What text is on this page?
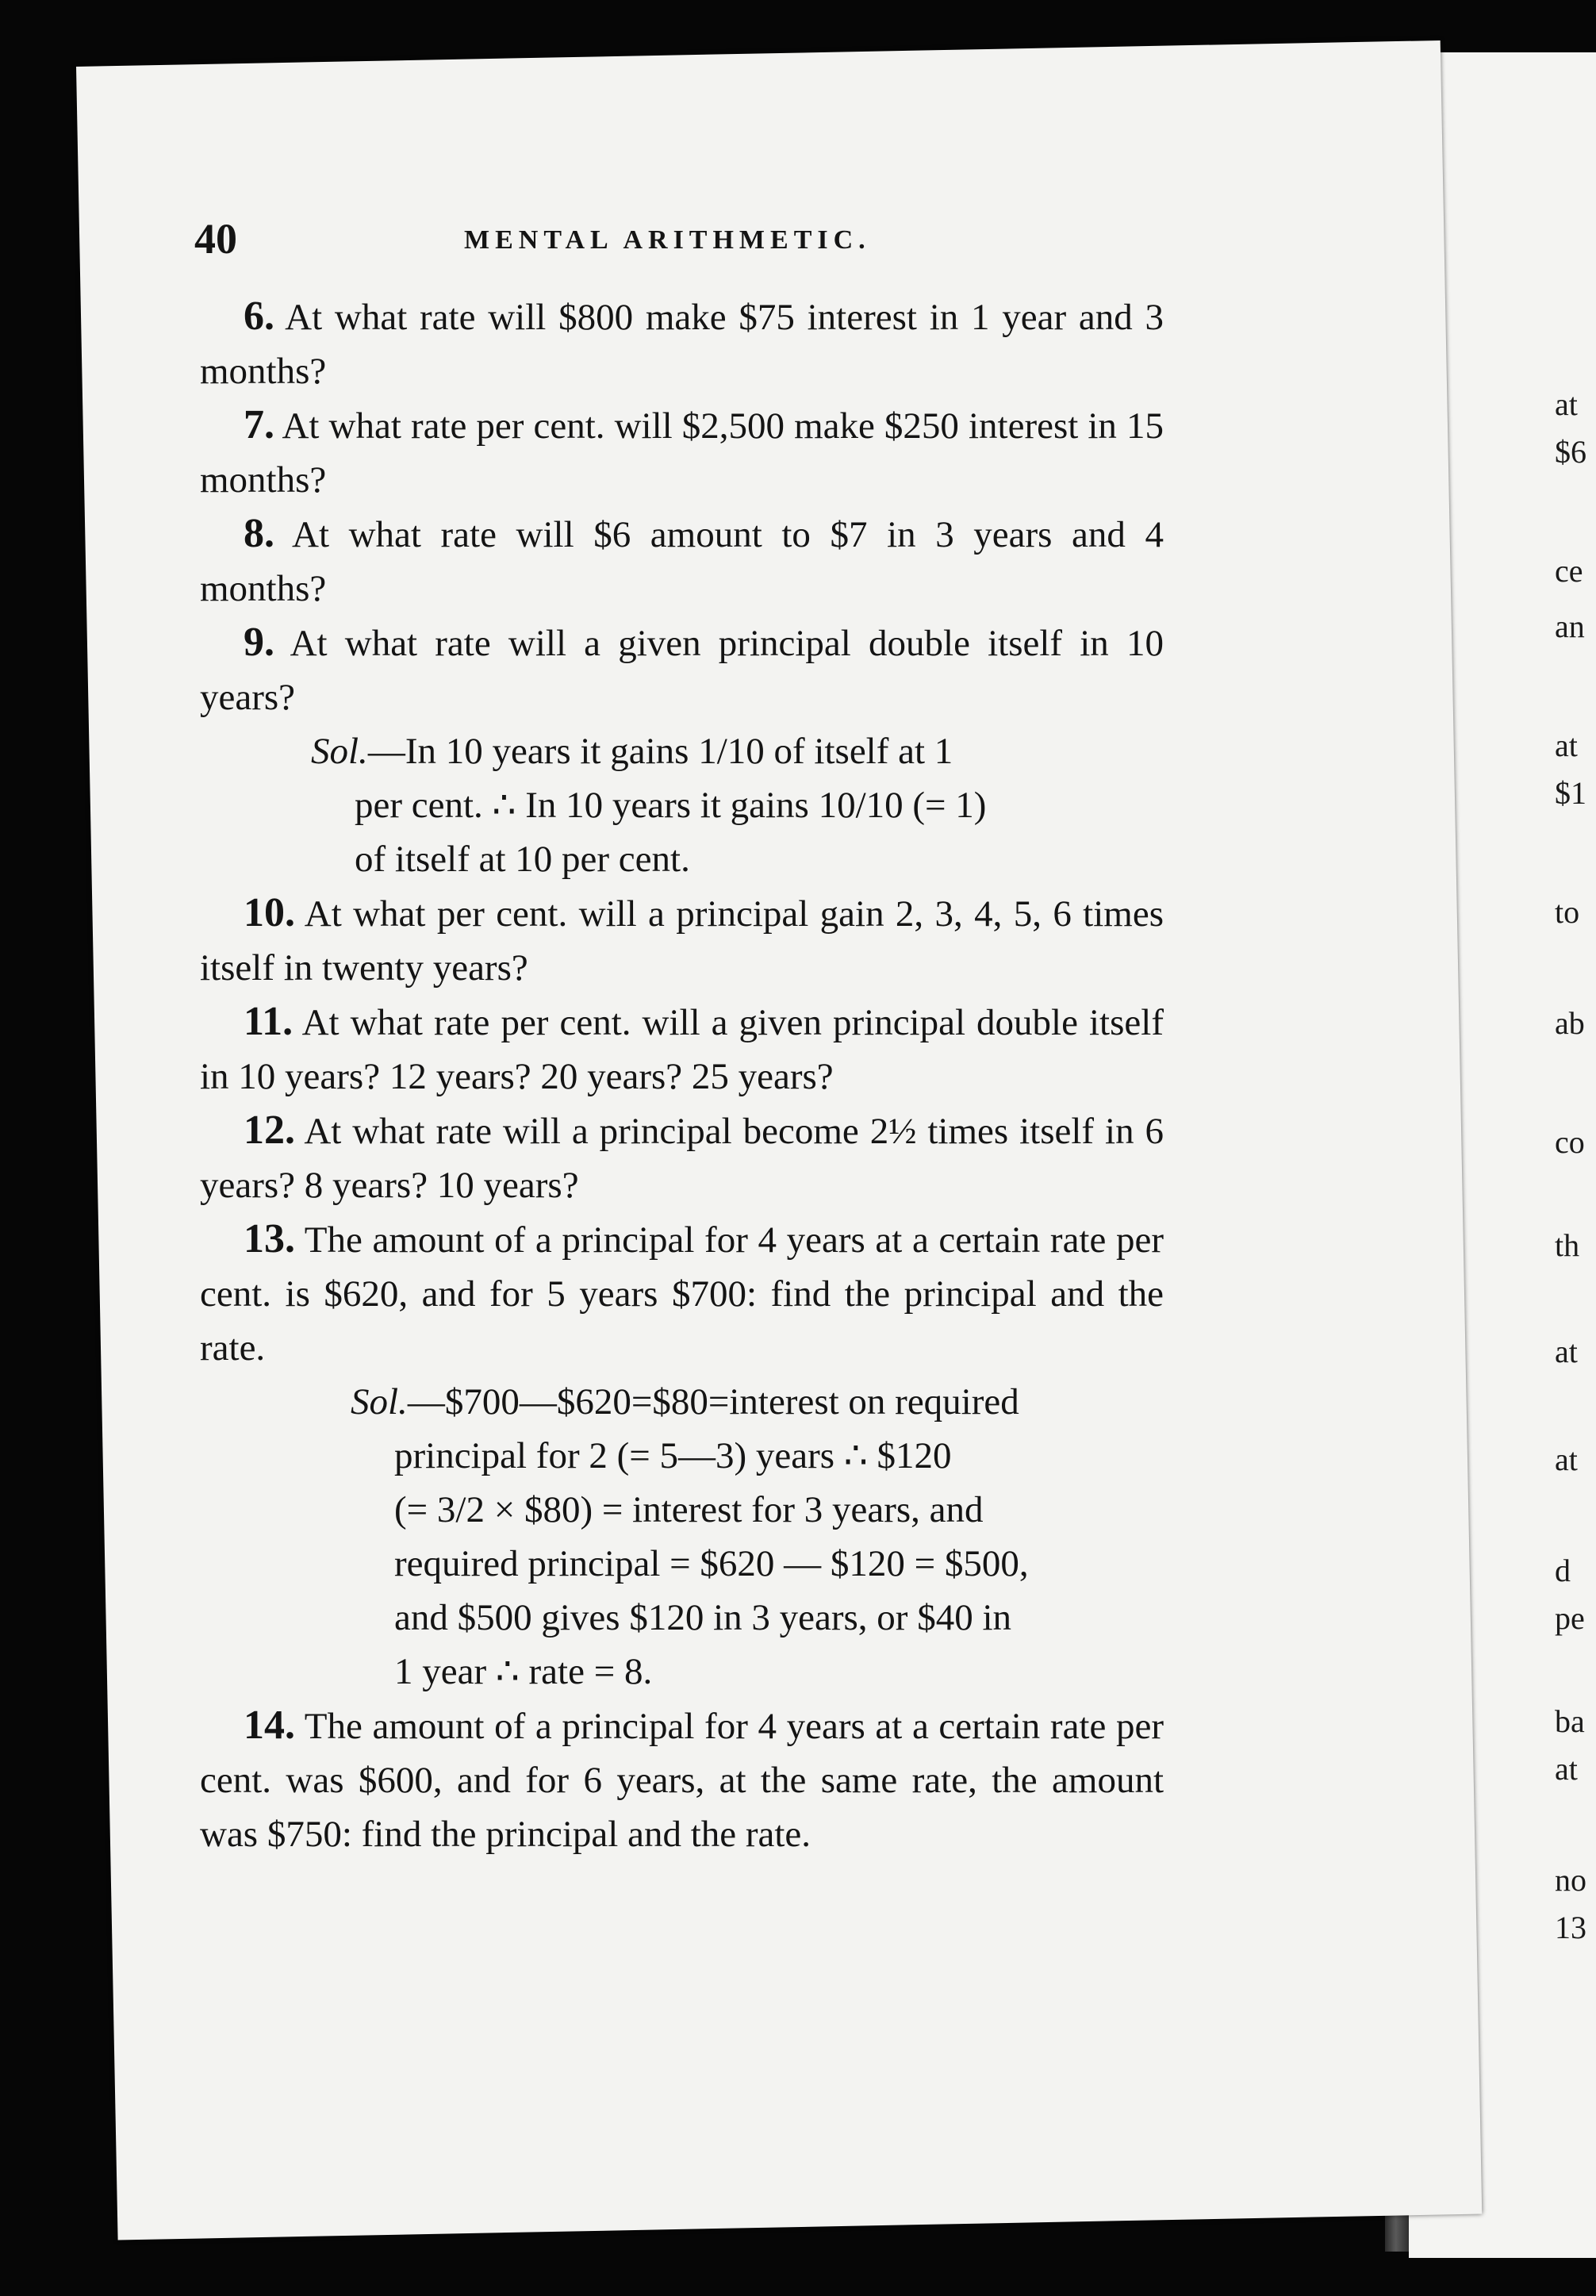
40	MENTAL ARITHMETIC.

6. At what rate will $800 make $75 interest in 1 year and 3 months?

7. At what rate per cent. will $2,500 make $250 interest in 15 months?

8. At what rate will $6 amount to $7 in 3 years and 4 months?

9. At what rate will a given principal double itself in 10 years?

Sol.—In 10 years it gains 1/10 of itself at 1

per cent. ∴ In 10 years it gains 10/10 (= 1)

of itself at 10 per cent.

10. At what per cent. will a principal gain 2, 3, 4, 5, 6 times itself in twenty years?

11. At what rate per cent. will a given principal double itself in 10 years? 12 years? 20 years? 25 years?

12. At what rate will a principal become 2½ times itself in 6 years? 8 years? 10 years?

13. The amount of a principal for 4 years at a certain rate per cent. is $620, and for 5 years $700: find the principal and the rate.

Sol.—$700—$620=$80=interest on required

principal for 2 (= 5—3) years ∴ $120

(= 3/2 × $80) = interest for 3 years, and

required principal = $620 — $120 = $500,

and $500 gives $120 in 3 years, or $40 in

1 year ∴ rate = 8.

14. The amount of a principal for 4 years at a certain rate per cent. was $600, and for 6 years, at the same rate, the amount was $750: find the principal and the rate.

at
$6
ce
an
at
$1
to
ab
co
th
at
at
d
pe
ba
at
no
13
